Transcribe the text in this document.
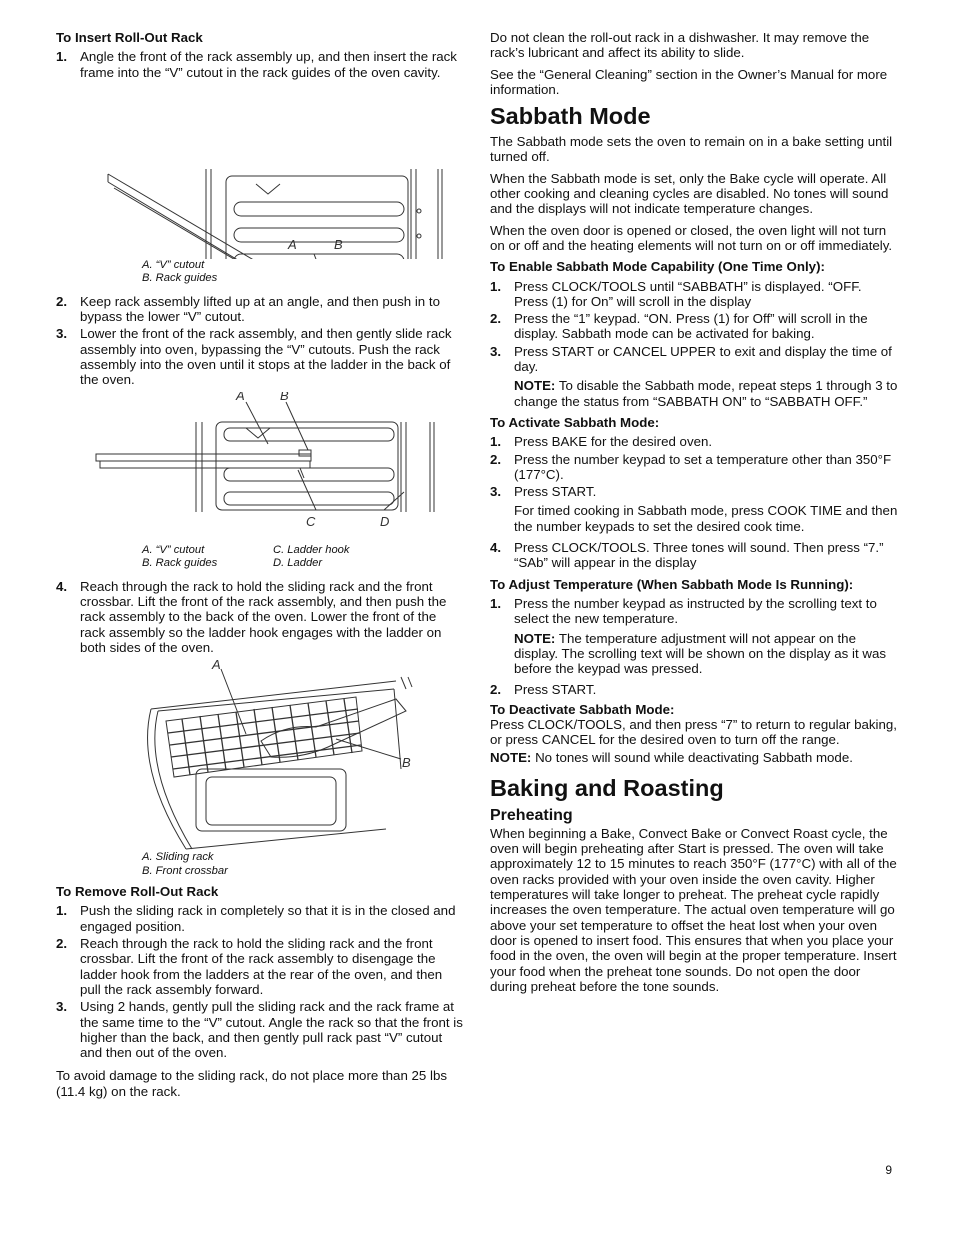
To Insert Roll-Out Rack
1. Angle the front of the rack assembly up, and then insert the rack frame into the “V” cutout in the rack guides of the oven cavity.
A	B
A. “V” cutout
B. Rack guides
2. Keep rack assembly lifted up at an angle, and then push in to bypass the lower “V” cutout.
3. Lower the front of the rack assembly, and then gently slide rack assembly into oven, bypassing the “V” cutouts. Push the rack assembly into the oven until it stops at the ladder in the back of the oven.
A	B
C	D
A. “V” cutout	C. Ladder hook
B. Rack guides	D. Ladder
4. Reach through the rack to hold the sliding rack and the front crossbar. Lift the front of the rack assembly, and then push the rack assembly to the back of the oven. Lower the front of the rack assembly so the ladder hook engages with the ladder on both sides of the oven.
A
B
A. Sliding rack
B. Front crossbar
To Remove Roll-Out Rack
1. Push the sliding rack in completely so that it is in the closed and engaged position.
2. Reach through the rack to hold the sliding rack and the front crossbar. Lift the front of the rack assembly to disengage the ladder hook from the ladders at the rear of the oven, and then pull the rack assembly forward.
3. Using 2 hands, gently pull the sliding rack and the rack frame at the same time to the “V” cutout. Angle the rack so that the front is higher than the back, and then gently pull rack past “V” cutout and then out of the oven.

To avoid damage to the sliding rack, do not place more than 25 lbs (11.4 kg) on the rack.

Do not clean the roll-out rack in a dishwasher. It may remove the rack’s lubricant and affect its ability to slide.

See the “General Cleaning” section in the Owner’s Manual for more information.

Sabbath Mode

The Sabbath mode sets the oven to remain on in a bake setting until turned off.

When the Sabbath mode is set, only the Bake cycle will operate. All other cooking and cleaning cycles are disabled. No tones will sound and the displays will not indicate temperature changes.

When the oven door is opened or closed, the oven light will not turn on or off and the heating elements will not turn on or off immediately.

To Enable Sabbath Mode Capability (One Time Only):
1. Press CLOCK/TOOLS until “SABBATH” is displayed. “OFF. Press (1) for On” will scroll in the display
2. Press the “1” keypad. “ON. Press (1) for Off” will scroll in the display. Sabbath mode can be activated for baking.
3. Press START or CANCEL UPPER to exit and display the time of day.

NOTE: To disable the Sabbath mode, repeat steps 1 through 3 to change the status from “SABBATH ON” to “SABBATH OFF.”

To Activate Sabbath Mode:
1. Press BAKE for the desired oven.
2. Press the number keypad to set a temperature other than 350°F (177°C).
3. Press START.

For timed cooking in Sabbath mode, press COOK TIME and then the number keypads to set the desired cook time.

4. Press CLOCK/TOOLS. Three tones will sound. Then press “7.” “SAb” will appear in the display
To Adjust Temperature (When Sabbath Mode Is Running):
1. Press the number keypad as instructed by the scrolling text to select the new temperature.

NOTE: The temperature adjustment will not appear on the display. The scrolling text will be shown on the display as it was before the keypad was pressed.

2. Press START.
To Deactivate Sabbath Mode:

Press CLOCK/TOOLS, and then press “7” to return to regular baking, or press CANCEL for the desired oven to turn off the range.

NOTE: No tones will sound while deactivating Sabbath mode.

Baking and Roasting
Preheating

When beginning a Bake, Convect Bake or Convect Roast cycle, the oven will begin preheating after Start is pressed. The oven will take approximately 12 to 15 minutes to reach 350°F (177°C) with all of the oven racks provided with your oven inside the oven cavity. Higher temperatures will take longer to preheat. The preheat cycle rapidly increases the oven temperature. The actual oven temperature will go above your set temperature to offset the heat lost when your oven door is opened to insert food. This ensures that when you place your food in the oven, the oven will begin at the proper temperature. Insert your food when the preheat tone sounds. Do not open the door during preheat before the tone sounds.

9
